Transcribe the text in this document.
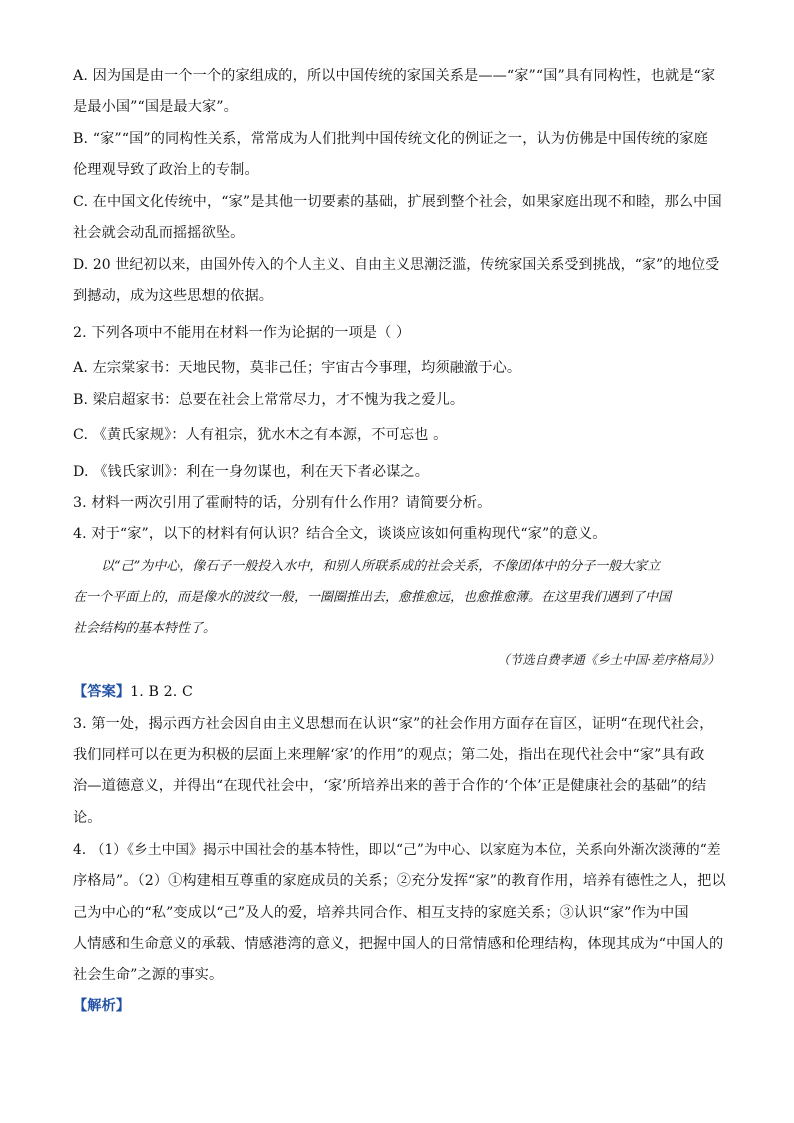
A. 因为国是由一个一个的家组成的，所以中国传统的家国关系是——“家”“国”具有同构性，也就是“家
是最小国”“国是最大家”。
B. “家”“国”的同构性关系，常常成为人们批判中国传统文化的例证之一，认为仿佛是中国传统的家庭
伦理观导致了政治上的专制。
C. 在中国文化传统中，“家”是其他一切要素的基础，扩展到整个社会，如果家庭出现不和睦，那么中国
社会就会动乱而摇摇欲坠。
D. 20 世纪初以来，由国外传入的个人主义、自由主义思潮泛滥，传统家国关系受到挑战，“家”的地位受
到撼动，成为这些思想的依据。
2. 下列各项中不能用在材料一作为论据的一项是（ ）
A. 左宗棠家书：天地民物，莫非己任；宇宙古今事理，均须融澈于心。
B. 梁启超家书：总要在社会上常常尽力，才不愧为我之爱儿。
C. 《黄氏家规》：人有祖宗，犹水木之有本源，不可忘也 。
D. 《钱氏家训》：利在一身勿谋也，利在天下者必谋之。
3. 材料一两次引用了霍耐特的话，分别有什么作用？请简要分析。
4. 对于“家”，以下的材料有何认识？结合全文，谈谈应该如何重构现代“家”的意义。
以“己”为中心，像石子一般投入水中，和别人所联系成的社会关系，不像团体中的分子一般大家立
在一个平面上的，而是像水的波纹一般，一圈圈推出去，愈推愈远，也愈推愈薄。在这里我们遇到了中国
社会结构的基本特性了。
（节选自费孝通《乡土中国·差序格局》）
【答案】1. B 2. C
3. 第一处，揭示西方社会因自由主义思想而在认识“家”的社会作用方面存在盲区，证明“在现代社会，
我们同样可以在更为积极的层面上来理解‘家’的作用”的观点；第二处，指出在现代社会中“家”具有政
治—道德意义，并得出“在现代社会中，‘家’所培养出来的善于合作的‘个体’正是健康社会的基础”的结
论。
4. （1）《乡土中国》揭示中国社会的基本特性，即以“己”为中心、以家庭为本位，关系向外渐次淡薄的“差
序格局”。（2）①构建相互尊重的家庭成员的关系；②充分发挥“家”的教育作用，培养有德性之人，把以
己为中心的“私”变成以“己”及人的爱，培养共同合作、相互支持的家庭关系；③认识“家”作为中国
人情感和生命意义的承载、情感港湾的意义，把握中国人的日常情感和伦理结构，体现其成为“中国人的
社会生命”之源的事实。
【解析】
